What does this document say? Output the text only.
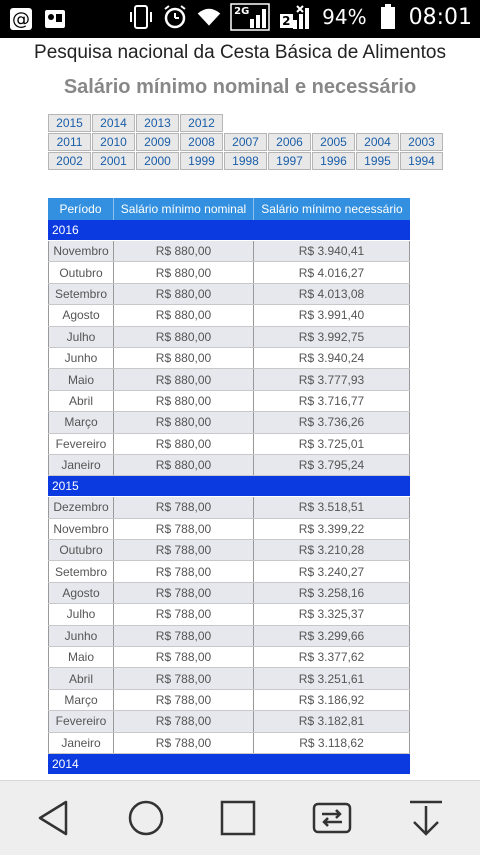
@	2G
2 94% 08:01
Pesquisa nacional da Cesta Básica de Alimentos
Salário mínimo nominal e necessário
2015	2014	2013	2012
2011	2010	2009	2008	2007	2006	2005	2004	2003
2002	2001	2000	1999	1998	1997	1996	1995	1994
Período	Salário mínimo nominal	Salário mínimo necessário
2016
Novembro	R$ 880,00	R$ 3.940,41
Outubro	R$ 880,00	R$ 4.016,27
Setembro	R$ 880,00	R$ 4.013,08
Agosto	R$ 880,00	R$ 3.991,40
Julho	R$ 880,00	R$ 3.992,75
Junho	R$ 880,00	R$ 3.940,24
Maio	R$ 880,00	R$ 3.777,93
Abril	R$ 880,00	R$ 3.716,77
Março	R$ 880,00	R$ 3.736,26
Fevereiro	R$ 880,00	R$ 3.725,01
Janeiro	R$ 880,00	R$ 3.795,24
2015
Dezembro	R$ 788,00	R$ 3.518,51
Novembro	R$ 788,00	R$ 3.399,22
Outubro	R$ 788,00	R$ 3.210,28
Setembro	R$ 788,00	R$ 3.240,27
Agosto	R$ 788,00	R$ 3.258,16
Julho	R$ 788,00	R$ 3.325,37
Junho	R$ 788,00	R$ 3.299,66
Maio	R$ 788,00	R$ 3.377,62
Abril	R$ 788,00	R$ 3.251,61
Março	R$ 788,00	R$ 3.186,92
Fevereiro	R$ 788,00	R$ 3.182,81
Janeiro	R$ 788,00	R$ 3.118,62
2014
